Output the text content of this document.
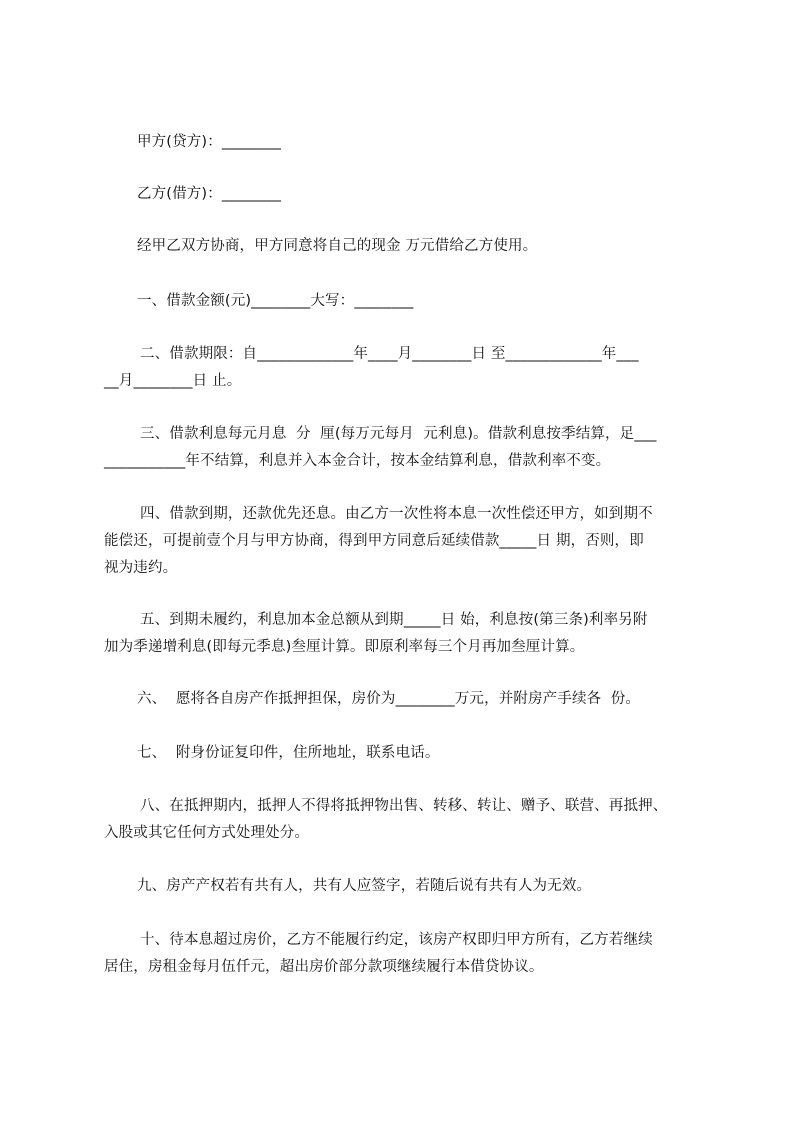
甲方(贷方)：________
乙方(借方)：________
经甲乙双方协商，甲方同意将自己的现金 万元借给乙方使用。
一、借款金额(元)________大写：________
二、借款期限：自_____________年____月________日 至_____________年___
__月________日 止。
三、借款利息每元月息  分  厘(每万元每月  元利息)。借款利息按季结算，足___
___________年不结算，利息并入本金合计，按本金结算利息，借款利率不变。
四、借款到期，还款优先还息。由乙方一次性将本息一次性偿还甲方，如到期不
能偿还，可提前壹个月与甲方协商，得到甲方同意后延续借款_____日 期，否则，即
视为违约。
五、到期未履约，利息加本金总额从到期_____日 始，利息按(第三条)利率另附
加为季递增利息(即每元季息)叁厘计算。即原利率每三个月再加叁厘计算。
六、  愿将各自房产作抵押担保，房价为________万元，并附房产手续各  份。
七、  附身份证复印件，住所地址，联系电话。
八、在抵押期内，抵押人不得将抵押物出售、转移、转让、赠予、联营、再抵押、
入股或其它任何方式处理处分。
九、房产产权若有共有人，共有人应签字，若随后说有共有人为无效。
十、待本息超过房价，乙方不能履行约定，该房产权即归甲方所有，乙方若继续
居住，房租金每月伍仟元，超出房价部分款项继续履行本借贷协议。
